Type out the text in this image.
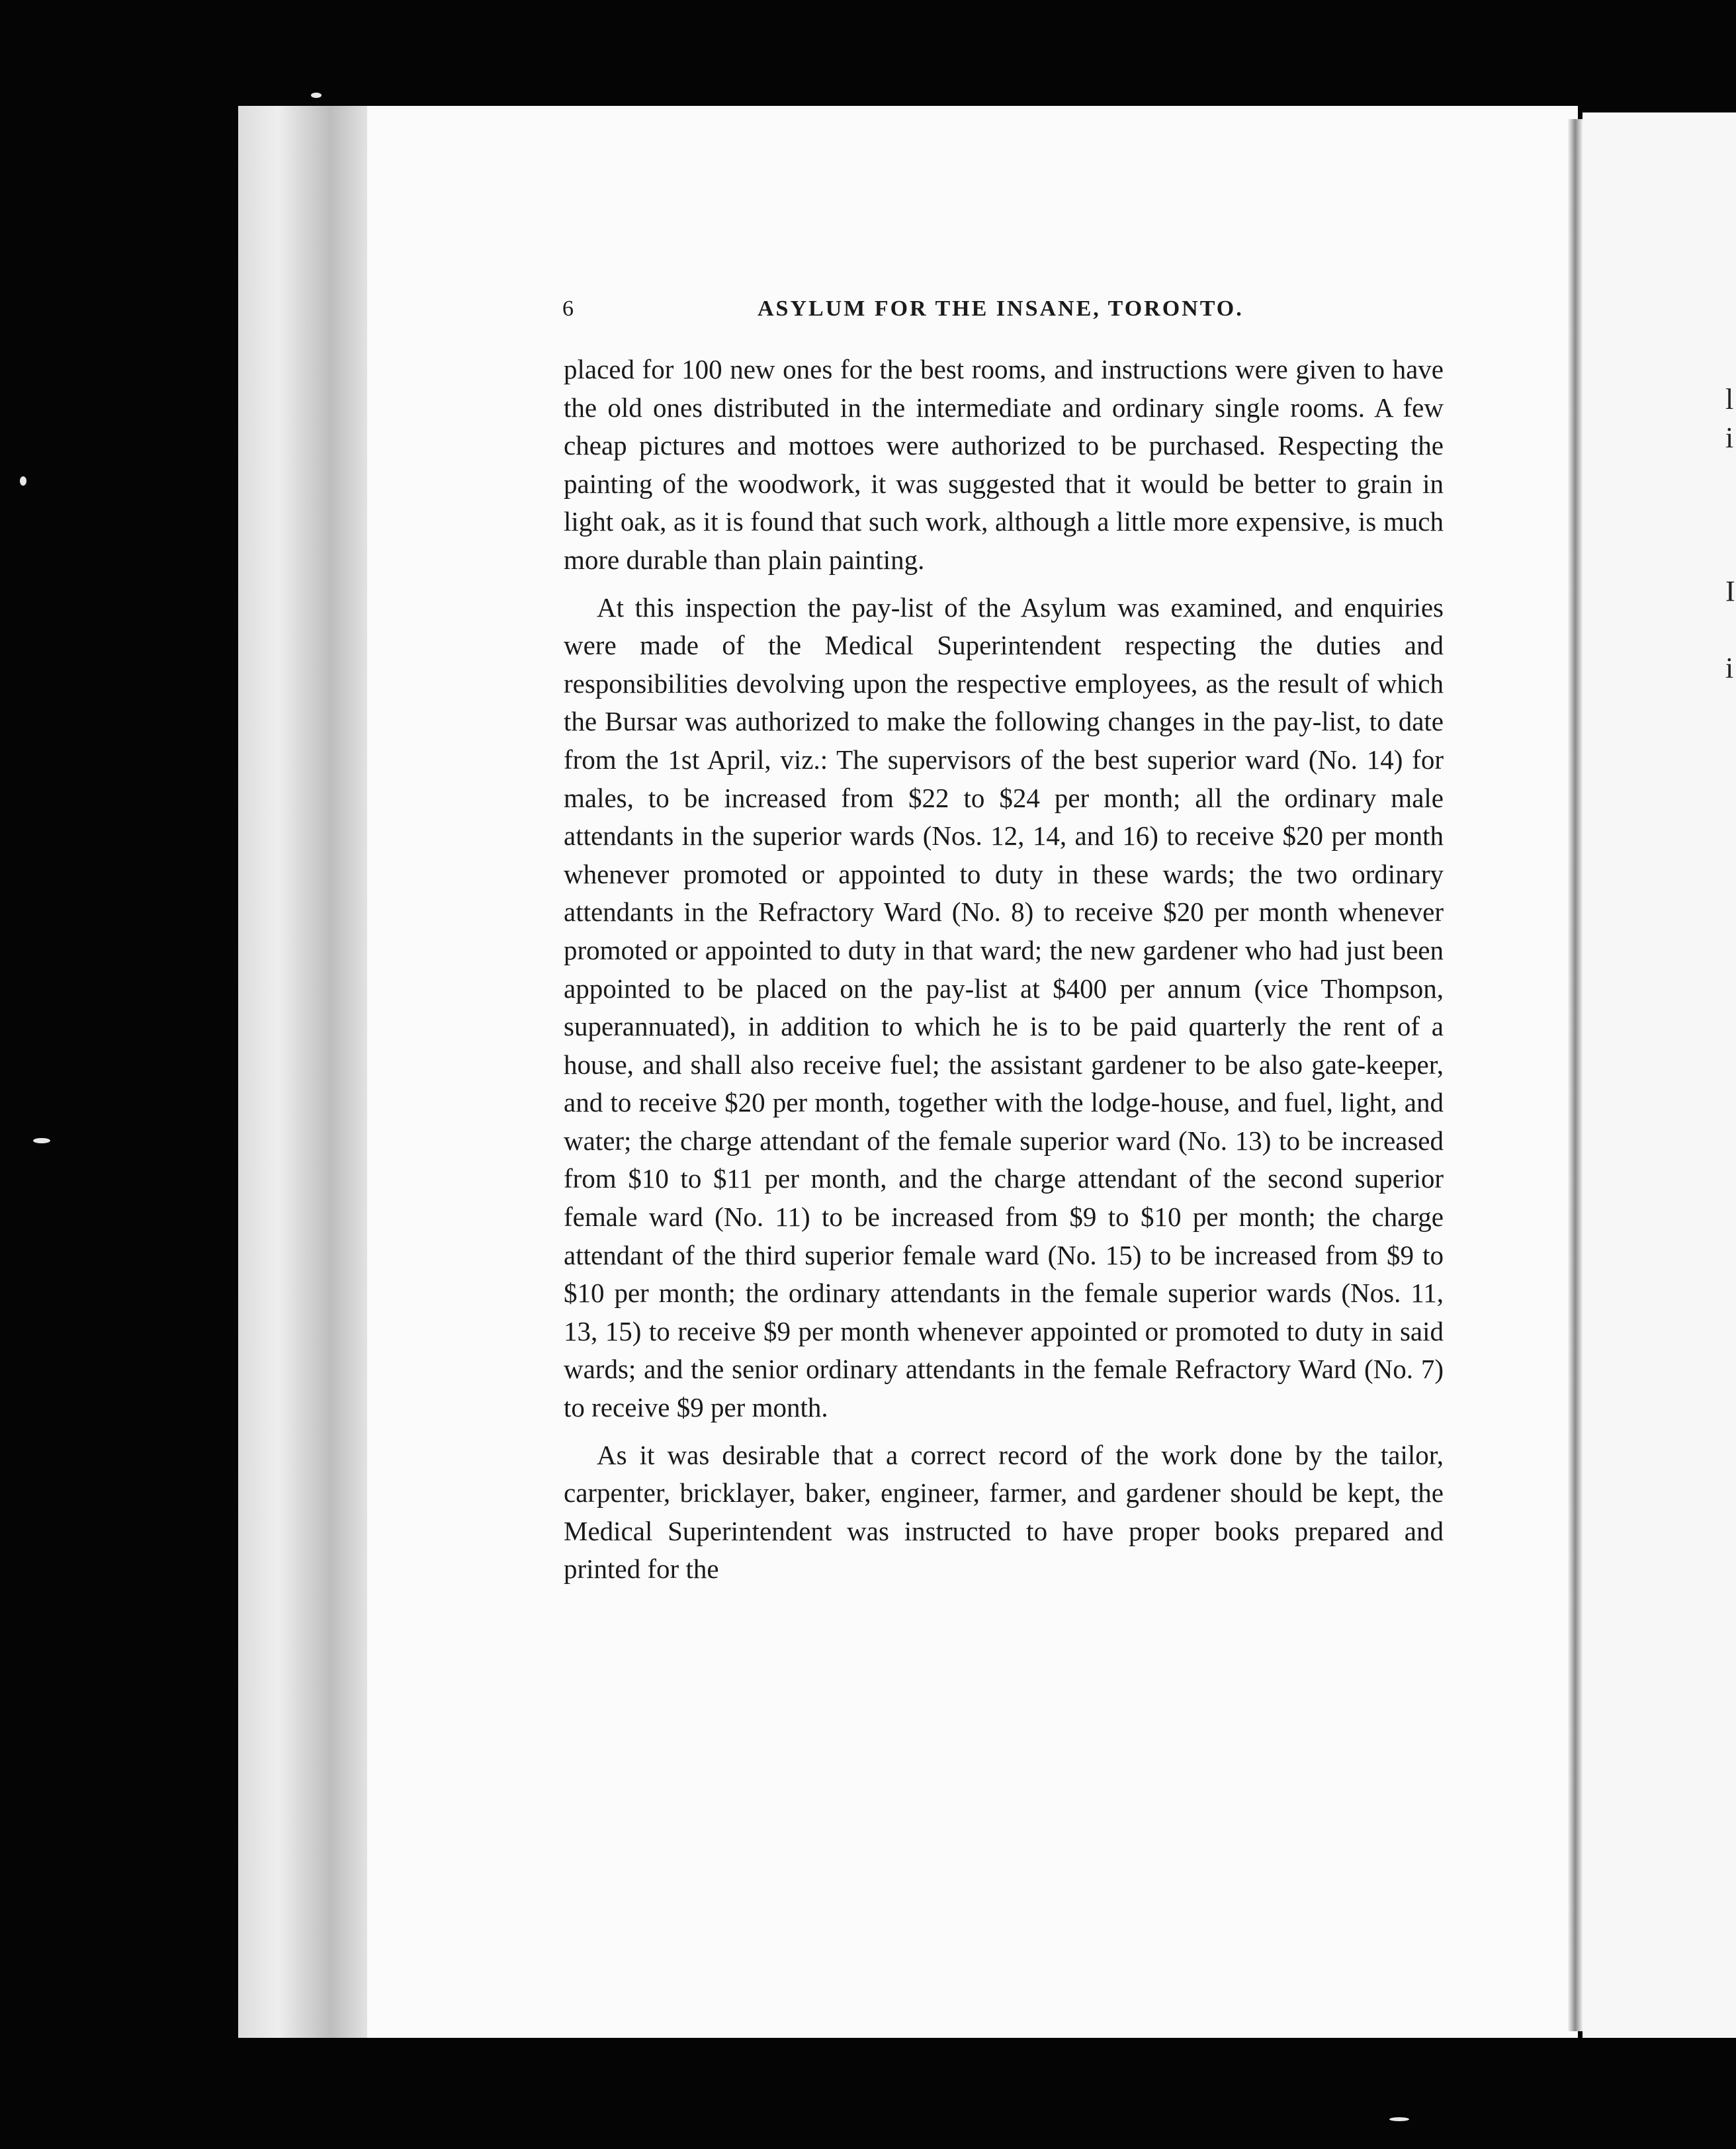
l
i

I

i
6	ASYLUM FOR THE INSANE, TORONTO.

placed for 100 new ones for the best rooms, and instructions were given to have the old ones distributed in the intermediate and ordinary single rooms. A few cheap pictures and mottoes were authorized to be purchased. Respecting the painting of the woodwork, it was suggested that it would be better to grain in light oak, as it is found that such work, although a little more expensive, is much more durable than plain painting.

At this inspection the pay-list of the Asylum was examined, and enquiries were made of the Medical Superintendent respecting the duties and responsibilities devolving upon the respective employees, as the result of which the Bursar was authorized to make the following changes in the pay-list, to date from the 1st April, viz.: The supervisors of the best superior ward (No. 14) for males, to be increased from $22 to $24 per month; all the ordinary male attendants in the superior wards (Nos. 12, 14, and 16) to receive $20 per month whenever promoted or appointed to duty in these wards; the two ordinary attendants in the Refractory Ward (No. 8) to receive $20 per month whenever promoted or appointed to duty in that ward; the new gardener who had just been appointed to be placed on the pay-list at $400 per annum (vice Thompson, superannuated), in addition to which he is to be paid quarterly the rent of a house, and shall also receive fuel; the assistant gardener to be also gate-keeper, and to receive $20 per month, together with the lodge-house, and fuel, light, and water; the charge attendant of the female superior ward (No. 13) to be increased from $10 to $11 per month, and the charge attendant of the second superior female ward (No. 11) to be increased from $9 to $10 per month; the charge attendant of the third superior female ward (No. 15) to be increased from $9 to $10 per month; the ordinary attendants in the female superior wards (Nos. 11, 13, 15) to receive $9 per month whenever appointed or promoted to duty in said wards; and the senior ordinary attendants in the female Refractory Ward (No. 7) to receive $9 per month.

As it was desirable that a correct record of the work done by the tailor, carpenter, bricklayer, baker, engineer, farmer, and gardener should be kept, the Medical Superintendent was instructed to have proper books prepared and printed for the
